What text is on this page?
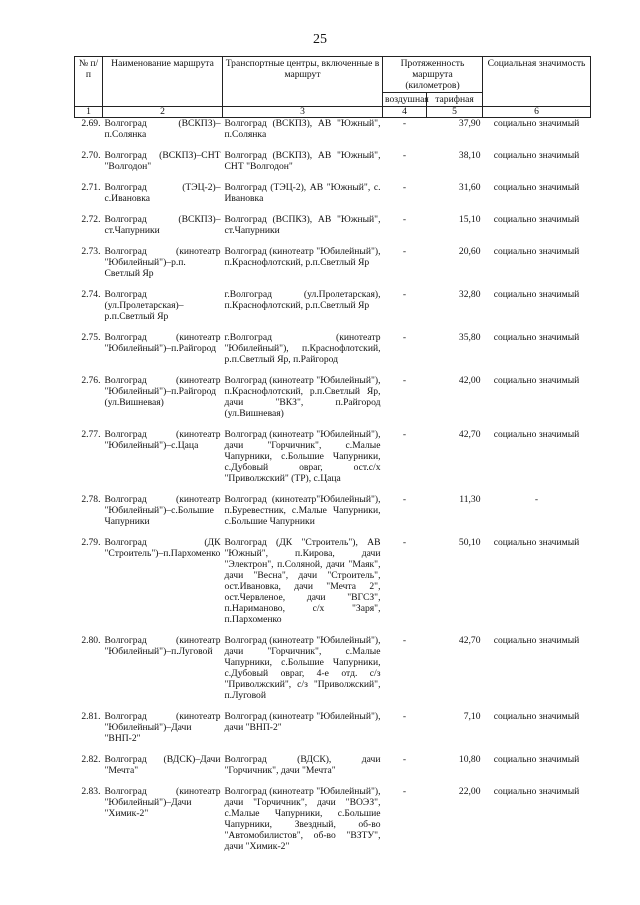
25
№ п/п	Наименование маршрута	Транспортные центры, включенные в маршрут	Протяженность маршрута (километров)		Социальная значимость
			воздушная	тарифная	
1	2	3	4	5	6
2.69.	Волгоград (ВСКПЗ)–п.Солянка	Волгоград (ВСКПЗ), АВ "Южный", п.Солянка	-	37,90	социально значимый
2.70.	Волгоград (ВСКПЗ)–СНТ "Волгодон"	Волгоград (ВСКПЗ), АВ "Южный", СНТ "Волгодон"	-	38,10	социально значимый
2.71.	Волгоград (ТЭЦ-2)–с.Ивановка	Волгоград (ТЭЦ-2), АВ "Южный", с. Ивановка	-	31,60	социально значимый
2.72.	Волгоград (ВСКПЗ)–ст.Чапурники	Волгоград (ВСПКЗ), АВ "Южный", ст.Чапурники	-	15,10	социально значимый
2.73.	Волгоград (кинотеатр "Юбилейный")–р.п. Светлый Яр	Волгоград (кинотеатр "Юбилейный"), п.Краснофлотский, р.п.Светлый Яр	-	20,60	социально значимый
2.74.	Волгоград (ул.Пролетарская)–р.п.Светлый Яр	г.Волгоград (ул.Пролетарская), п.Краснофлотский, р.п.Светлый Яр	-	32,80	социально значимый
2.75.	Волгоград (кинотеатр "Юбилейный")–п.Райгород	г.Волгоград (кинотеатр "Юбилейный"), п.Краснофлотский, р.п.Светлый Яр, п.Райгород	-	35,80	социально значимый
2.76.	Волгоград (кинотеатр "Юбилейный")–п.Райгород (ул.Вишневая)	Волгоград (кинотеатр "Юбилейный"), п.Краснофлотский, р.п.Светлый Яр, дачи "ВКЗ", п.Райгород (ул.Вишневая)	-	42,00	социально значимый
2.77.	Волгоград (кинотеатр "Юбилейный")–с.Цаца	Волгоград (кинотеатр "Юбилейный"), дачи "Горчичник", с.Малые Чапурники, с.Большие Чапурники, с.Дубовый овраг, ост.с/х "Приволжский" (ТР), с.Цаца	-	42,70	социально значимый
2.78.	Волгоград (кинотеатр "Юбилейный")–с.Большие Чапурники	Волгоград (кинотеатр"Юбилейный"), п.Буревестник, с.Малые Чапурники, с.Большие Чапурники	-	11,30	-
2.79.	Волгоград (ДК "Строитель")–п.Пархоменко	Волгоград (ДК "Строитель"), АВ "Южный", п.Кирова, дачи "Электрон", п.Соляной, дачи "Маяк", дачи "Весна", дачи "Строитель", ост.Ивановка, дачи "Мечта 2", ост.Червленое, дачи "ВГСЗ", п.Нариманово, с/х "Заря", п.Пархоменко	-	50,10	социально значимый
2.80.	Волгоград (кинотеатр "Юбилейный")–п.Луговой	Волгоград (кинотеатр "Юбилейный"), дачи "Горчичник", с.Малые Чапурники, с.Большие Чапурники, с.Дубовый овраг, 4-е отд. с/з "Приволжский", с/з "Приволжский", п.Луговой	-	42,70	социально значимый
2.81.	Волгоград (кинотеатр "Юбилейный")–Дачи "ВНП-2"	Волгоград (кинотеатр "Юбилейный"), дачи "ВНП-2"	-	7,10	социально значимый
2.82.	Волгоград (ВДСК)–Дачи "Мечта"	Волгоград (ВДСК), дачи "Горчичник", дачи "Мечта"	-	10,80	социально значимый
2.83.	Волгоград (кинотеатр "Юбилейный")–Дачи "Химик-2"	Волгоград (кинотеатр "Юбилейный"), дачи "Горчичник", дачи "ВОЭЗ", с.Малые Чапурники, с.Большие Чапурники, Звездный, об-во "Автомобилистов", об-во "ВЗТУ", дачи "Химик-2"	-	22,00	социально значимый
